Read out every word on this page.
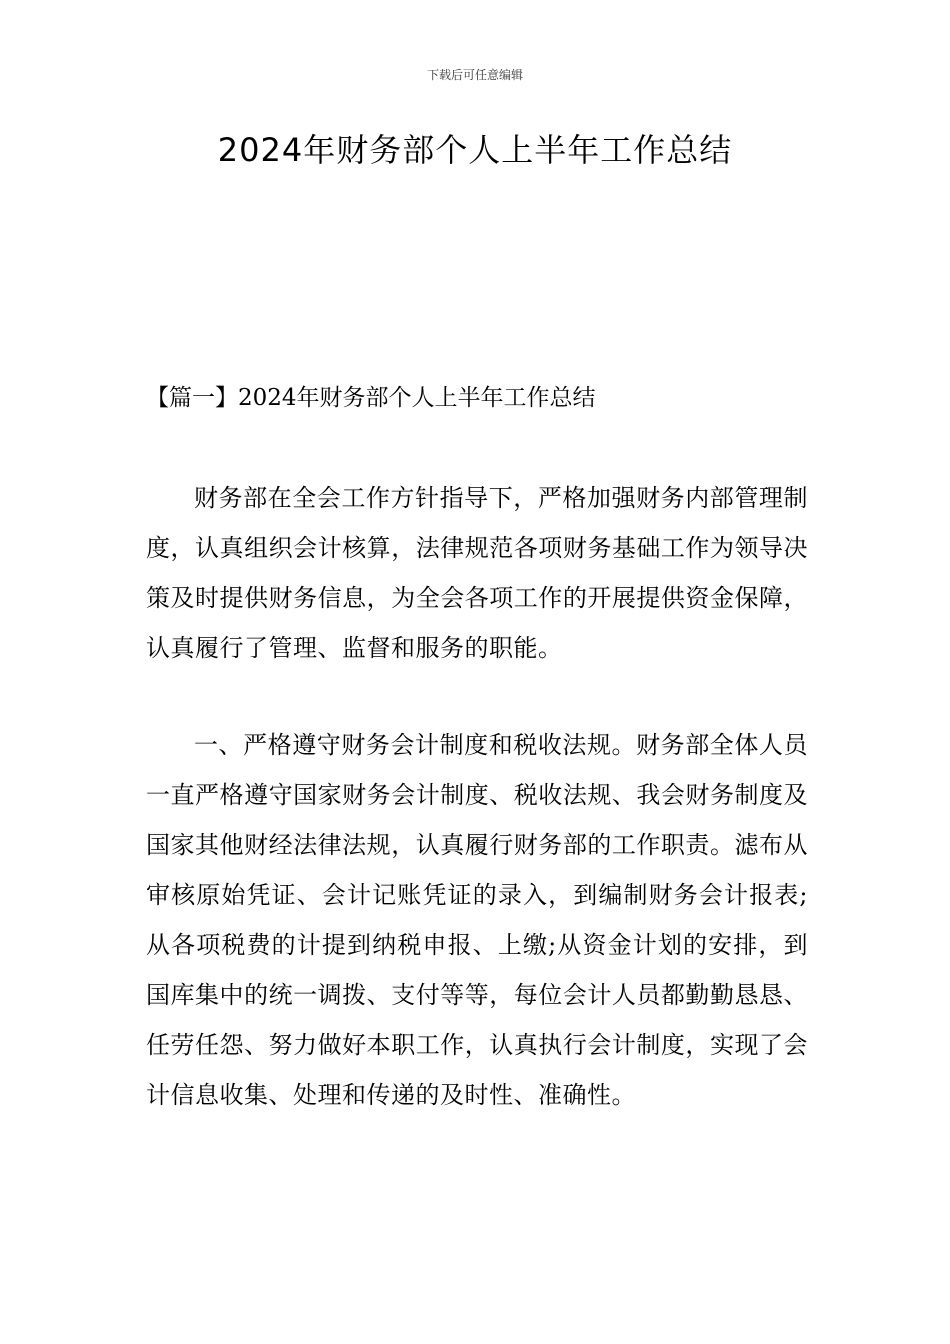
下载后可任意编辑
2024年财务部个人上半年工作总结

【篇一】2024年财务部个人上半年工作总结

财务部在全会工作方针指导下，严格加强财务内部管理制度，认真组织会计核算，法律规范各项财务基础工作为领导决策及时提供财务信息，为全会各项工作的开展提供资金保障，认真履行了管理、监督和服务的职能。

一、严格遵守财务会计制度和税收法规。财务部全体人员一直严格遵守国家财务会计制度、税收法规、我会财务制度及国家其他财经法律法规，认真履行财务部的工作职责。滤布从审核原始凭证、会计记账凭证的录入，到编制财务会计报表;从各项税费的计提到纳税申报、上缴;从资金计划的安排，到国库集中的统一调拨、支付等等，每位会计人员都勤勤恳恳、任劳任怨、努力做好本职工作，认真执行会计制度，实现了会计信息收集、处理和传递的及时性、准确性。
